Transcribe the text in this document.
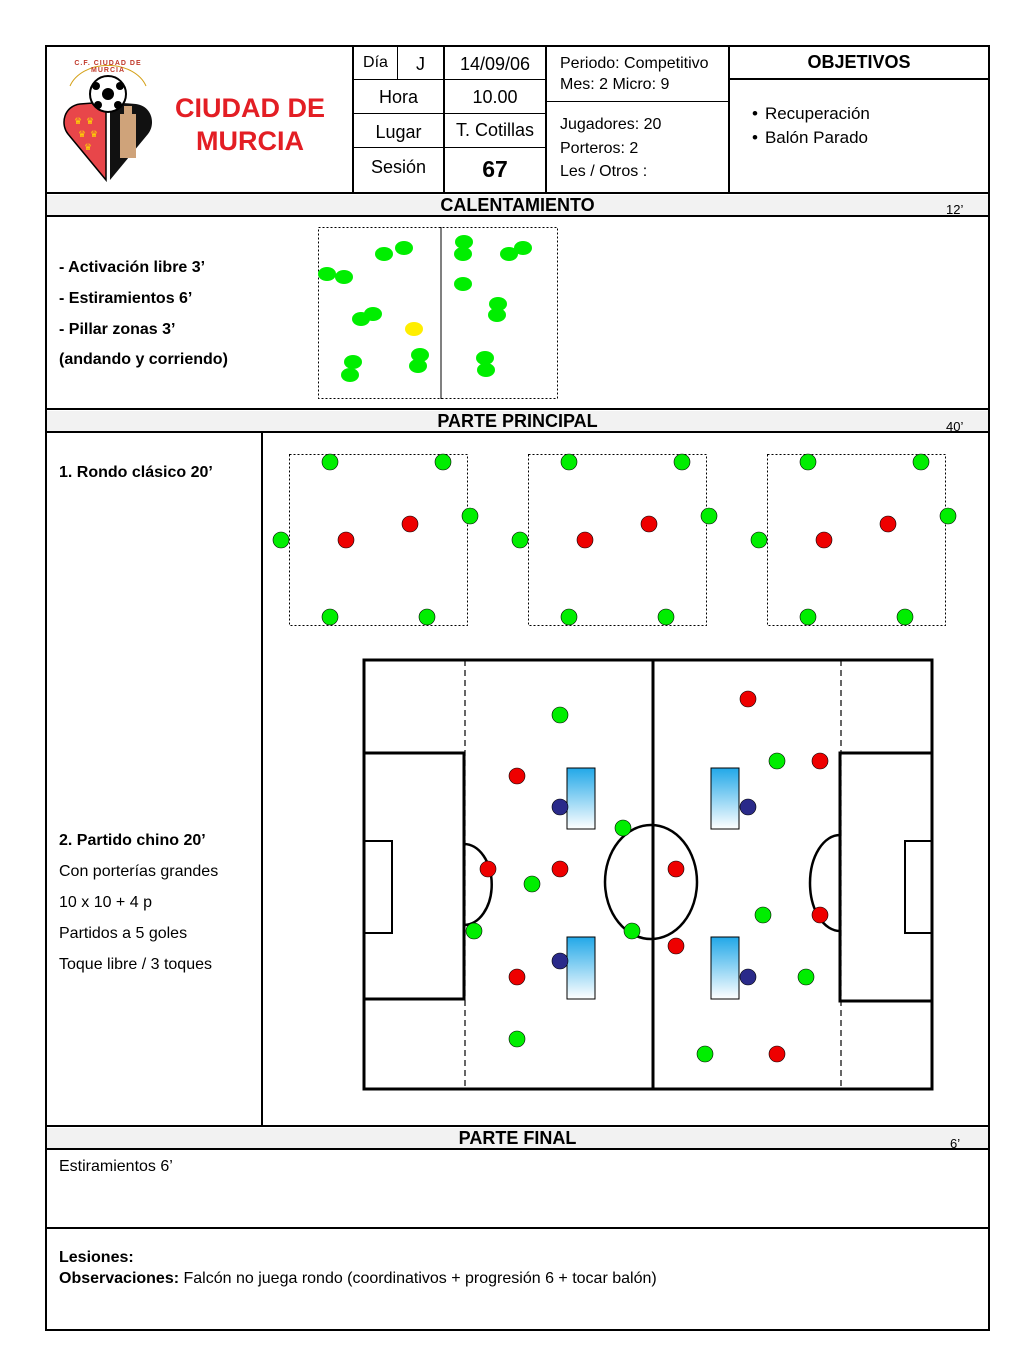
♛ ♛
♛ ♛
♛
C.F. CIUDAD DE MURCIA
CIUDAD DE
MURCIA
Día	J	14/09/06
Hora	10.00
Lugar	T. Cotillas
Sesión	67
Periodo: Competitivo
Mes: 2 Micro: 9
Jugadores: 20
Porteros: 2
Les / Otros :
OBJETIVOS
• Recuperación
• Balón Parado
CALENTAMIENTO	12’
- Activación libre 3’
- Estiramientos 6’
- Pillar zonas 3’
(andando y corriendo)
PARTE PRINCIPAL	40’
1. Rondo clásico 20’
2. Partido chino 20’
Con porterías grandes
10 x 10 + 4 p
Partidos a 5 goles
Toque libre / 3 toques
PARTE FINAL	6’
Estiramientos 6’
Lesiones:
Observaciones: Falcón no juega rondo (coordinativos + progresión 6 + tocar balón)
